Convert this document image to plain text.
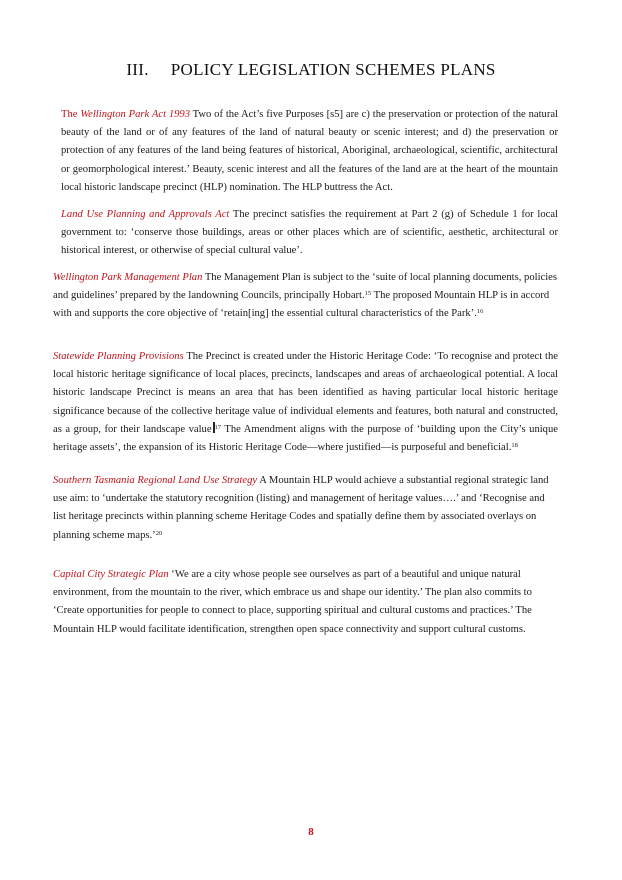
III. POLICY LEGISLATION SCHEMES PLANS
The Wellington Park Act 1993 Two of the Act’s five Purposes [s5] are c) the preservation or protection of the natural beauty of the land or of any features of the land of natural beauty or scenic interest; and d) the preservation or protection of any features of the land being features of historical, Aboriginal, archaeological, scientific, architectural or geomorphological interest.’ Beauty, scenic interest and all the features of the land are at the heart of the mountain local historic landscape precinct (HLP) nomination. The HLP buttress the Act.
Land Use Planning and Approvals Act The precinct satisfies the requirement at Part 2 (g) of Schedule 1 for local government to: ‘conserve those buildings, areas or other places which are of scientific, aesthetic, architectural or historical interest, or otherwise of special cultural value’.
Wellington Park Management Plan The Management Plan is subject to the ‘suite of local planning documents, policies and guidelines’ prepared by the landowning Councils, principally Hobart.$^{15}$ The proposed Mountain HLP is in accord with and supports the core objective of ‘retain[ing] the essential cultural characteristics of the Park’.$^{16}$
Statewide Planning Provisions The Precinct is created under the Historic Heritage Code: ‘To recognise and protect the local historic heritage significance of local places, precincts, landscapes and areas of archaeological potential. A local historic landscape Precinct is means an area that has been identified as having particular local historic heritage significance because of the collective heritage value of individual elements and features, both natural and constructed, as a group, for their landscape value $^{17}$ The Amendment aligns with the purpose of ‘building upon the City’s unique heritage assets’, the expansion of its Historic Heritage Code—where justified—is purposeful and beneficial.$^{18}$
Southern Tasmania Regional Land Use Strategy A Mountain HLP would achieve a substantial regional strategic land use aim: to ‘undertake the statutory recognition (listing) and management of heritage values….’ and ‘Recognise and list heritage precincts within planning scheme Heritage Codes and spatially define them by associated overlays on planning scheme maps.’$^{20}$
Capital City Strategic Plan ‘We are a city whose people see ourselves as part of a beautiful and unique natural environment, from the mountain to the river, which embrace us and shape our identity.’ The plan also commits to ‘Create opportunities for people to connect to place, supporting spiritual and cultural customs and practices.’ The Mountain HLP would facilitate identification, strengthen open space connectivity and support cultural customs.
8
